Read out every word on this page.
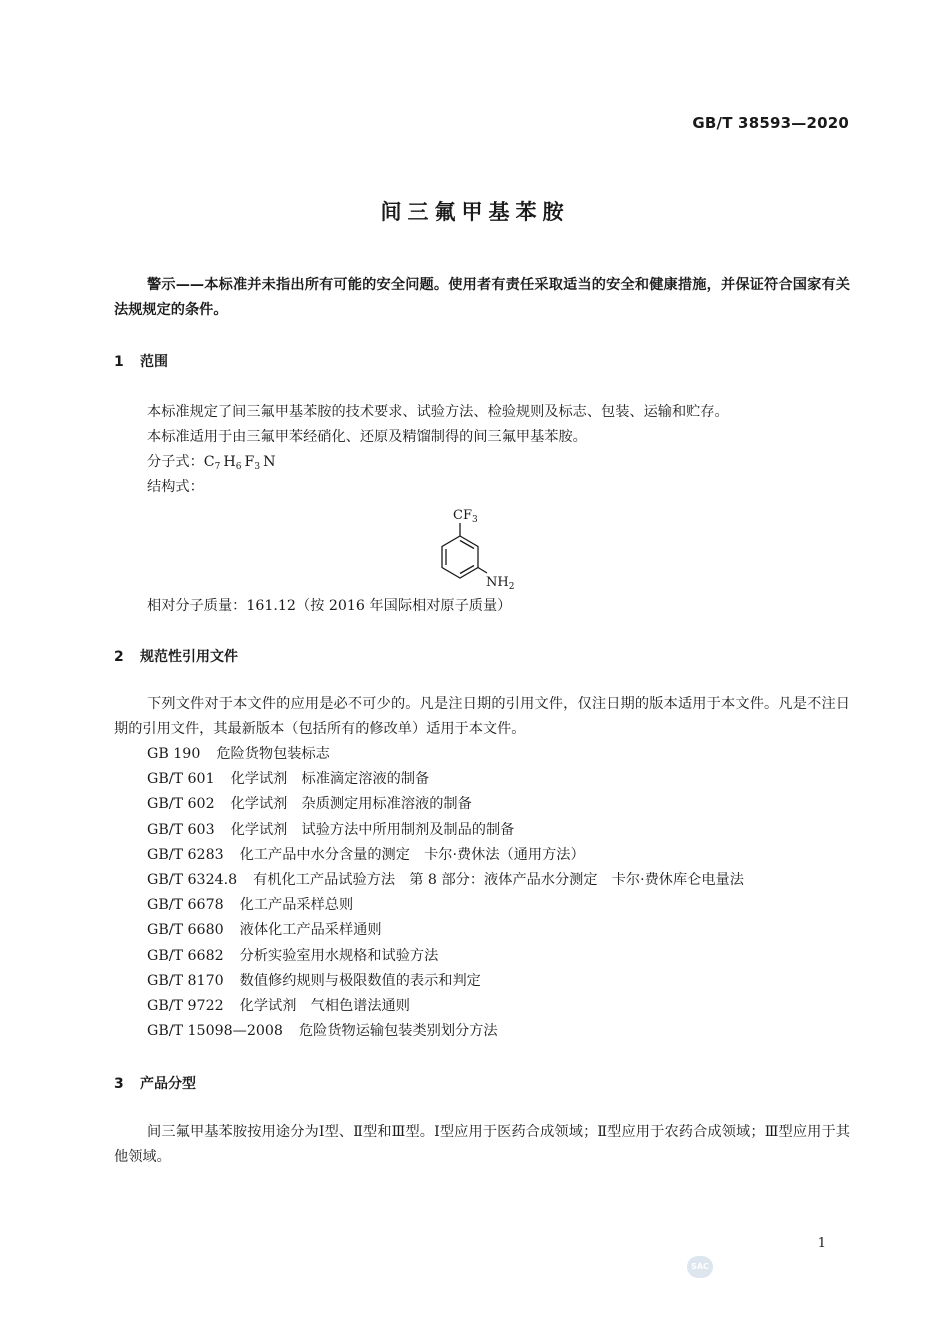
GB/T 38593—2020
间三氟甲基苯胺
警示——本标准并未指出所有可能的安全问题。使用者有责任采取适当的安全和健康措施，并保证符合国家有关法规规定的条件。
1 范围
本标准规定了间三氟甲基苯胺的技术要求、试验方法、检验规则及标志、包装、运输和贮存。
本标准适用于由三氟甲苯经硝化、还原及精馏制得的间三氟甲基苯胺。
分子式：$C_7$ $H_6$ $F_3$ N
结构式：
$CF_3$
$NH_2$
相对分子质量：161.12（按 2016 年国际相对原子质量）
2 规范性引用文件
下列文件对于本文件的应用是必不可少的。凡是注日期的引用文件，仅注日期的版本适用于本文件。凡是不注日期的引用文件，其最新版本（包括所有的修改单）适用于本文件。
GB 190 危险货物包装标志
GB/T 601 化学试剂　标准滴定溶液的制备
GB/T 602 化学试剂　杂质测定用标准溶液的制备
GB/T 603 化学试剂　试验方法中所用制剂及制品的制备
GB/T 6283 化工产品中水分含量的测定　卡尔·费休法（通用方法）
GB/T 6324.8 有机化工产品试验方法　第 8 部分：液体产品水分测定　卡尔·费休库仑电量法
GB/T 6678 化工产品采样总则
GB/T 6680 液体化工产品采样通则
GB/T 6682 分析实验室用水规格和试验方法
GB/T 8170 数值修约规则与极限数值的表示和判定
GB/T 9722 化学试剂　气相色谱法通则
GB/T 15098—2008 危险货物运输包装类别划分方法
3 产品分型
间三氟甲基苯胺按用途分为Ⅰ型、Ⅱ型和Ⅲ型。Ⅰ型应用于医药合成领域；Ⅱ型应用于农药合成领域；Ⅲ型应用于其他领域。
1
SAC
